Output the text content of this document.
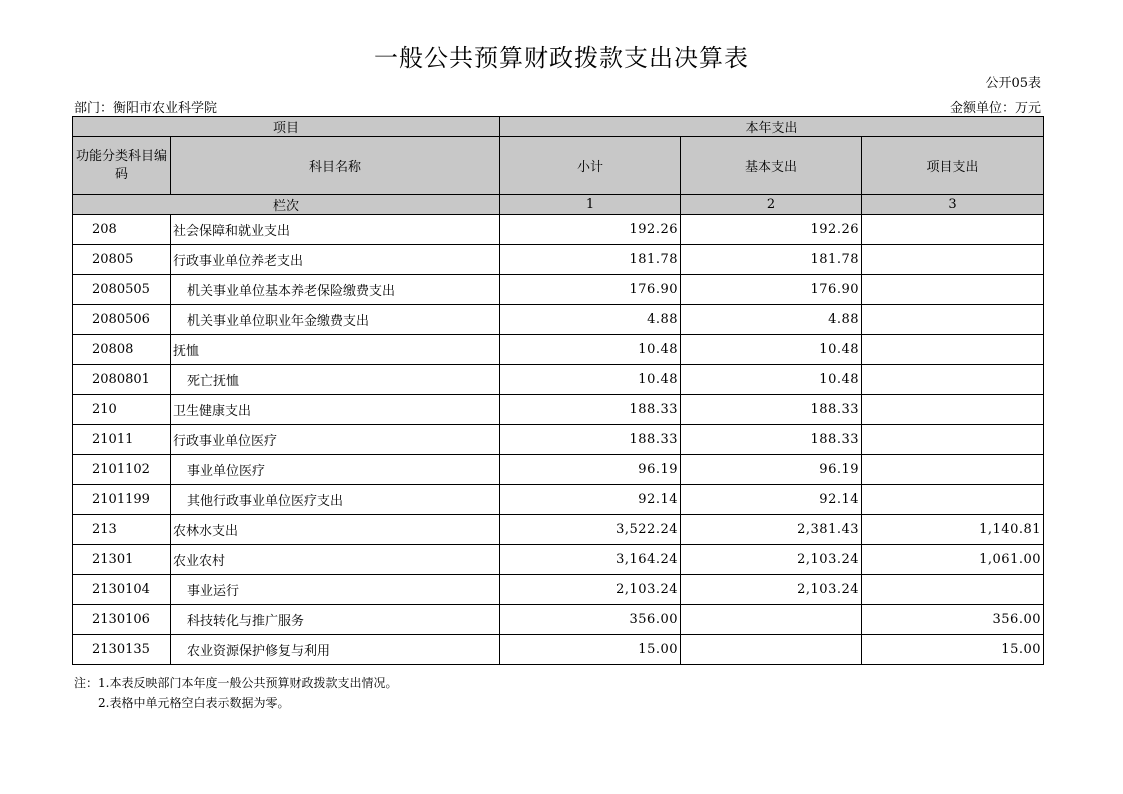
一般公共预算财政拨款支出决算表
公开05表
部门：衡阳市农业科学院	金额单位：万元
项目		本年支出		
功能分类科目编码	科目名称	小计	基本支出	项目支出
栏次		1	2	3
208	社会保障和就业支出	192.26	192.26	
20805	行政事业单位养老支出	181.78	181.78	
2080505	机关事业单位基本养老保险缴费支出	176.90	176.90	
2080506	机关事业单位职业年金缴费支出	4.88	4.88	
20808	抚恤	10.48	10.48	
2080801	死亡抚恤	10.48	10.48	
210	卫生健康支出	188.33	188.33	
21011	行政事业单位医疗	188.33	188.33	
2101102	事业单位医疗	96.19	96.19	
2101199	其他行政事业单位医疗支出	92.14	92.14	
213	农林水支出	3,522.24	2,381.43	1,140.81
21301	农业农村	3,164.24	2,103.24	1,061.00
2130104	事业运行	2,103.24	2,103.24	
2130106	科技转化与推广服务	356.00		356.00
2130135	农业资源保护修复与利用	15.00		15.00
注：1.本表反映部门本年度一般公共预算财政拨款支出情况。
2.表格中单元格空白表示数据为零。
